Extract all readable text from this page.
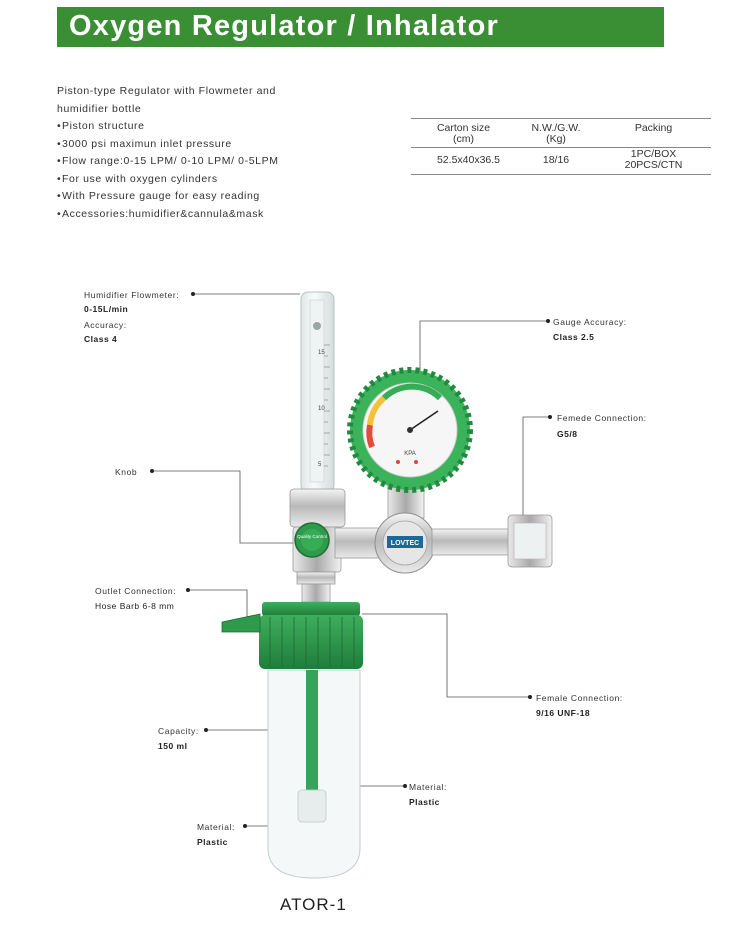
Oxygen Regulator / Inhalator
Piston-type Regulator with Flowmeter and
humidifier bottle
•Piston structure
•3000 psi maximun inlet pressure
•Flow range:0-15 LPM/ 0-10 LPM/ 0-5LPM
•For use with oxygen cylinders
•With Pressure gauge for easy reading
•Accessories:humidifier&cannula&mask
Carton size
(cm)
N.W./G.W.
(Kg)
Packing
52.5x40x36.5	18/16	1PC/BOX
20PCS/CTN
15
10
5
Quality Control
LOVTEC
KPA
Humidifier Flowmeter:
0-15L/min
Accuracy:
Class 4
Knob
Outlet Connection:
Hose Barb 6-8 mm
Capacity:
150 ml
Material:
Plastic
Gauge Accuracy:
Class 2.5
Femede Connection:
G5/8
Female Connection:
9/16 UNF-18
Material:
Plastic
ATOR-1
